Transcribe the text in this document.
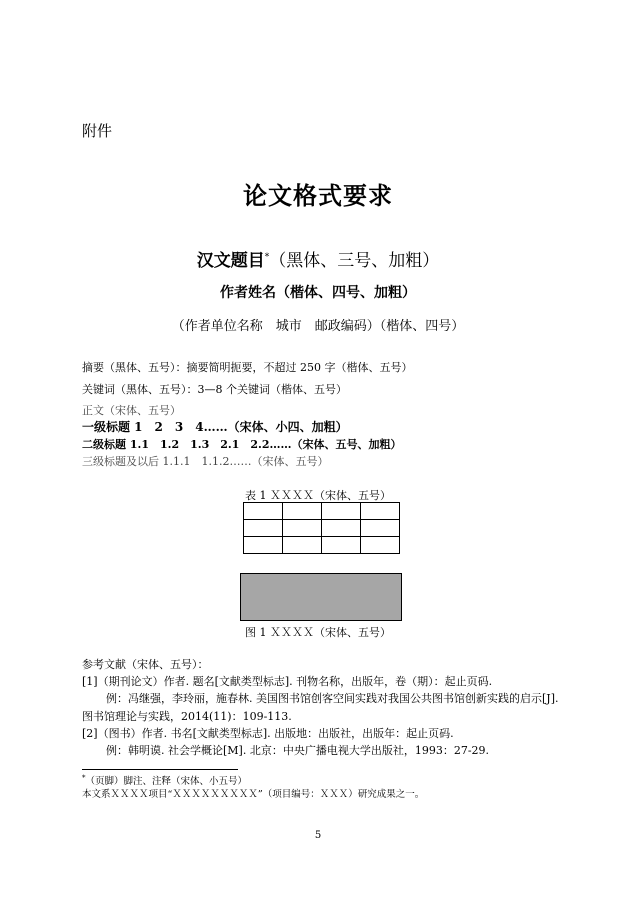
附件
论文格式要求
汉文题目*（黑体、三号、加粗）
作者姓名（楷体、四号、加粗）
（作者单位名称　城市　邮政编码）（楷体、四号）
摘要（黑体、五号）：摘要简明扼要，不超过 250 字（楷体、五号）
关键词（黑体、五号）：3—8 个关键词（楷体、五号）
正文（宋体、五号）
一级标题 1　2　3　4……（宋体、小四、加粗）
二级标题 1.1　1.2　1.3　2.1　2.2……（宋体、五号、加粗）
三级标题及以后 1.1.1　1.1.2……（宋体、五号）
表 1 ＸＸＸＸ（宋体、五号）

图 1 ＸＸＸＸ（宋体、五号）
参考文献（宋体、五号）：
[1]（期刊论文）作者. 题名[文献类型标志]. 刊物名称，出版年，卷（期）：起止页码.
例：冯继强，李玲丽，施春林. 美国图书馆创客空间实践对我国公共图书馆创新实践的启示[J].
图书馆理论与实践，2014(11)：109-113.
[2]（图书）作者. 书名[文献类型标志]. 出版地：出版社，出版年：起止页码.
例：韩明谟. 社会学概论[M]. 北京：中央广播电视大学出版社，1993：27-29.
*（页脚）脚注、注释（宋体、小五号）
本文系ＸＸＸＸ项目“ＸＸＸＸＸＸＸＸＸ”（项目编号：ＸＸＸ）研究成果之一。
5
